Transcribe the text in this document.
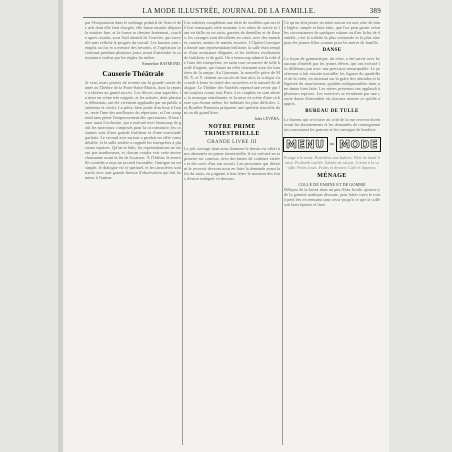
LA MODE ILLUSTRÉE, JOURNAL DE LA FAMILLE.	389
par l'évaporation dans le mélange primitif de l'eau et des sels dont elle était chargée; elle laisse ensuite déposer la matière fine, et la forme se dessine lentement, couche après couche, sous l'œil attentif de l'ouvrier, qui surveille sans relâche le progrès du travail. Les bassins sont remplis au fur et à mesure des besoins, et l'opération se continue pendant plusieurs jours avant d'atteindre la consistance voulue par les règles du métier.
Emmeline RAYMOND.
Causerie Théâtrale
Je vous avais promis de revenir sur la grande soirée donnée au Théâtre de la Porte-Saint-Martin, dont la reprise a obtenu un grand succès. Les décors sont superbes, la mise en scène très soignée, et les artistes, dont plusieurs débutants, ont été vivement applaudis par un public nombreux et choisi. La pièce, bien jouée d'un bout à l'autre, reste l'une des meilleures du répertoire, et l'on comprend sans peine l'empressement des spectateurs. Il faut louer aussi l'orchestre, qui a exécuté avec beaucoup de goût les morceaux composés pour la circonstance; les costumes sont d'une grande fraîcheur et d'une exactitude parfaite. Le second acte surtout a produit un effet considérable, et la salle entière a rappelé les interprètes à plusieurs reprises. Qu'on se hâte; les représentations ne seront pas nombreuses, et chacun voudra voir cette œuvre charmante avant la fin de la saison. À l'Odéon, la nouvelle comédie a reçu un accueil favorable; l'intrigue en est simple, le dialogue vif et spirituel, et les caractères sont tracés avec une grande finesse d'observation qui fait honneur à l'auteur.
Ces toilettes complètent une série de modèles qui ont été fort remarqués cette semaine. Les robes de soirée se font en faille ou en satin, garnies de dentelles et de fleurs; les corsages sont décolletés en carré, avec des manches courtes ornées de nœuds assortis. L'Opéra-Comique a donné une représentation brillante; la salle était remplie d'une assistance élégante, et les toilettes rivalisaient de fraîcheur et de goût. On a beaucoup admiré la robe de l'une des interprètes, en satin rose recouvert de tulle brodé d'argent, qui faisait un effet charmant sous les lumières de la rampe. Au Gymnase, la nouvelle pièce de MM. X. et Y. obtient un succès de bon aloi; la critique s'accorde à louer la vérité des caractères et le naturel du dialogue. Le Théâtre des Variétés reprend une revue qui fait toujours courir tout Paris. Les couplets en sont alertes, la musique entraînante, et la mise en scène d'une richesse qui étonne même les habitués les plus difficiles. Les Bouffes-Parisiens préparent une opérette nouvelle dont on dit grand bien.
Jules LÉVÉRA.
NOTRE PRIME TRIMESTRIELLE
GRANDE LIVRE III
Le joli ouvrage dont nous donnons le dessin est offert à nos abonnées en prime trimestrielle; il est exécuté en tapisserie sur canevas, avec des laines de couleurs variées et des soies d'un ton assorti. Les personnes qui désirent le recevoir devront nous en faire la demande avant la fin du mois, en joignant à leur lettre le montant des frais d'envoi indiqués ci-dessous.
Ce qu'on doit porter en toute saison est une robe de laine légère, simple et bien faite, que l'on peut garnir selon les circonstances de quelques rubans ou d'un fichu de dentelle; c'est la toilette la plus commode et la plus sûre pour les jeunes filles comme pour les mères de famille.
DANSE
La leçon de gymnastique, du reste, a été suivie avec beaucoup d'intérêt par les jeunes élèves, qui ont exécuté les différents pas avec une précision remarquable. Le professeur a fait ensuite travailler les figures du quadrille et de la valse, en insistant sur la grâce des attitudes et la légèreté du mouvement, qualités indispensables dans une danse bien faite. Les mères présentes ont applaudi à plusieurs reprises. Les exercices se terminent par une courte danse d'ensemble où chacune montre ce qu'elle a appris.
BUREAU DE TULLE
Le bureau qui se trouve au coin de la rue recevra dorénavant les abonnements et les demandes de renseignements concernant les patrons et les ouvrages de broderie.
MENU	DU MODE
Potage à la reine. Bouchées aux huîtres. Filet de bœuf braisé. Poularde truffée. Salade de saison. Crème à la vanille. Petits fours. Fruits et dessert. Café et liqueurs.
MÉNAGE
COLLE DE FARINE ET DE GOMME
Délayez de la farine dans un peu d'eau froide, ajoutez-y de la gomme arabique dissoute, puis faites cuire le tout à petit feu en remuant sans cesse jusqu'à ce que la colle soit bien épaisse et lisse.
